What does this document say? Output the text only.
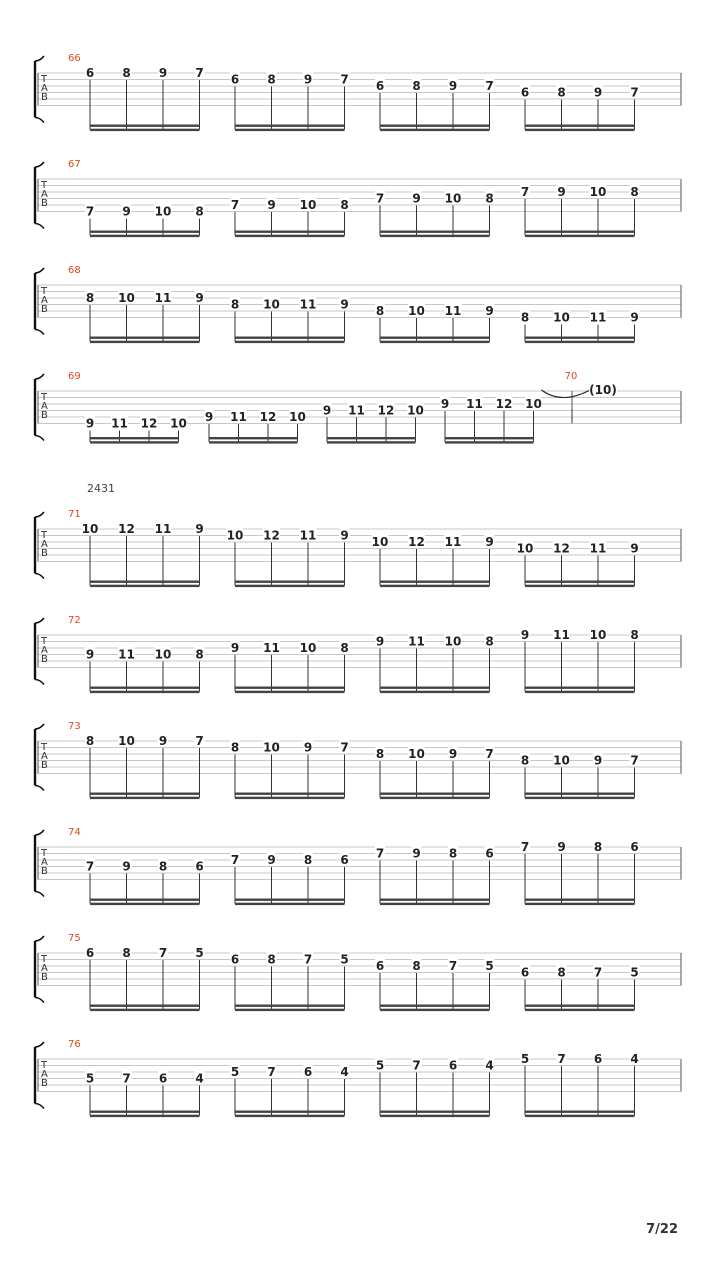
T
A
B
66
6 8 9 7 6 8 9 7 6 8 9 7 6 8 9 7
T
A
B
67
7 9 10 8 7 9 10 8 7 9 10 8 7 9 10 8
T
A
B
68
8 10 11 9 8 10 11 9 8 10 11 9 8 10 11 9
T
A
B
69
9 11 12 10 9 11 12 10 9 11 12 10 9 11 12 10
70
(10)
T
A
B
71
10 12 11 9 10 12 11 9 10 12 11 9 10 12 11 9
T
A
B
72
9 11 10 8 9 11 10 8 9 11 10 8 9 11 10 8
T
A
B
73
8 10 9 7 8 10 9 7 8 10 9 7 8 10 9 7
T
A
B
74
7 9 8 6 7 9 8 6 7 9 8 6 7 9 8 6
T
A
B
75
6 8 7 5 6 8 7 5 6 8 7 5 6 8 7 5
T
A
B
76
5 7 6 4 5 7 6 4 5 7 6 4 5 7 6 4
2431
7/22
